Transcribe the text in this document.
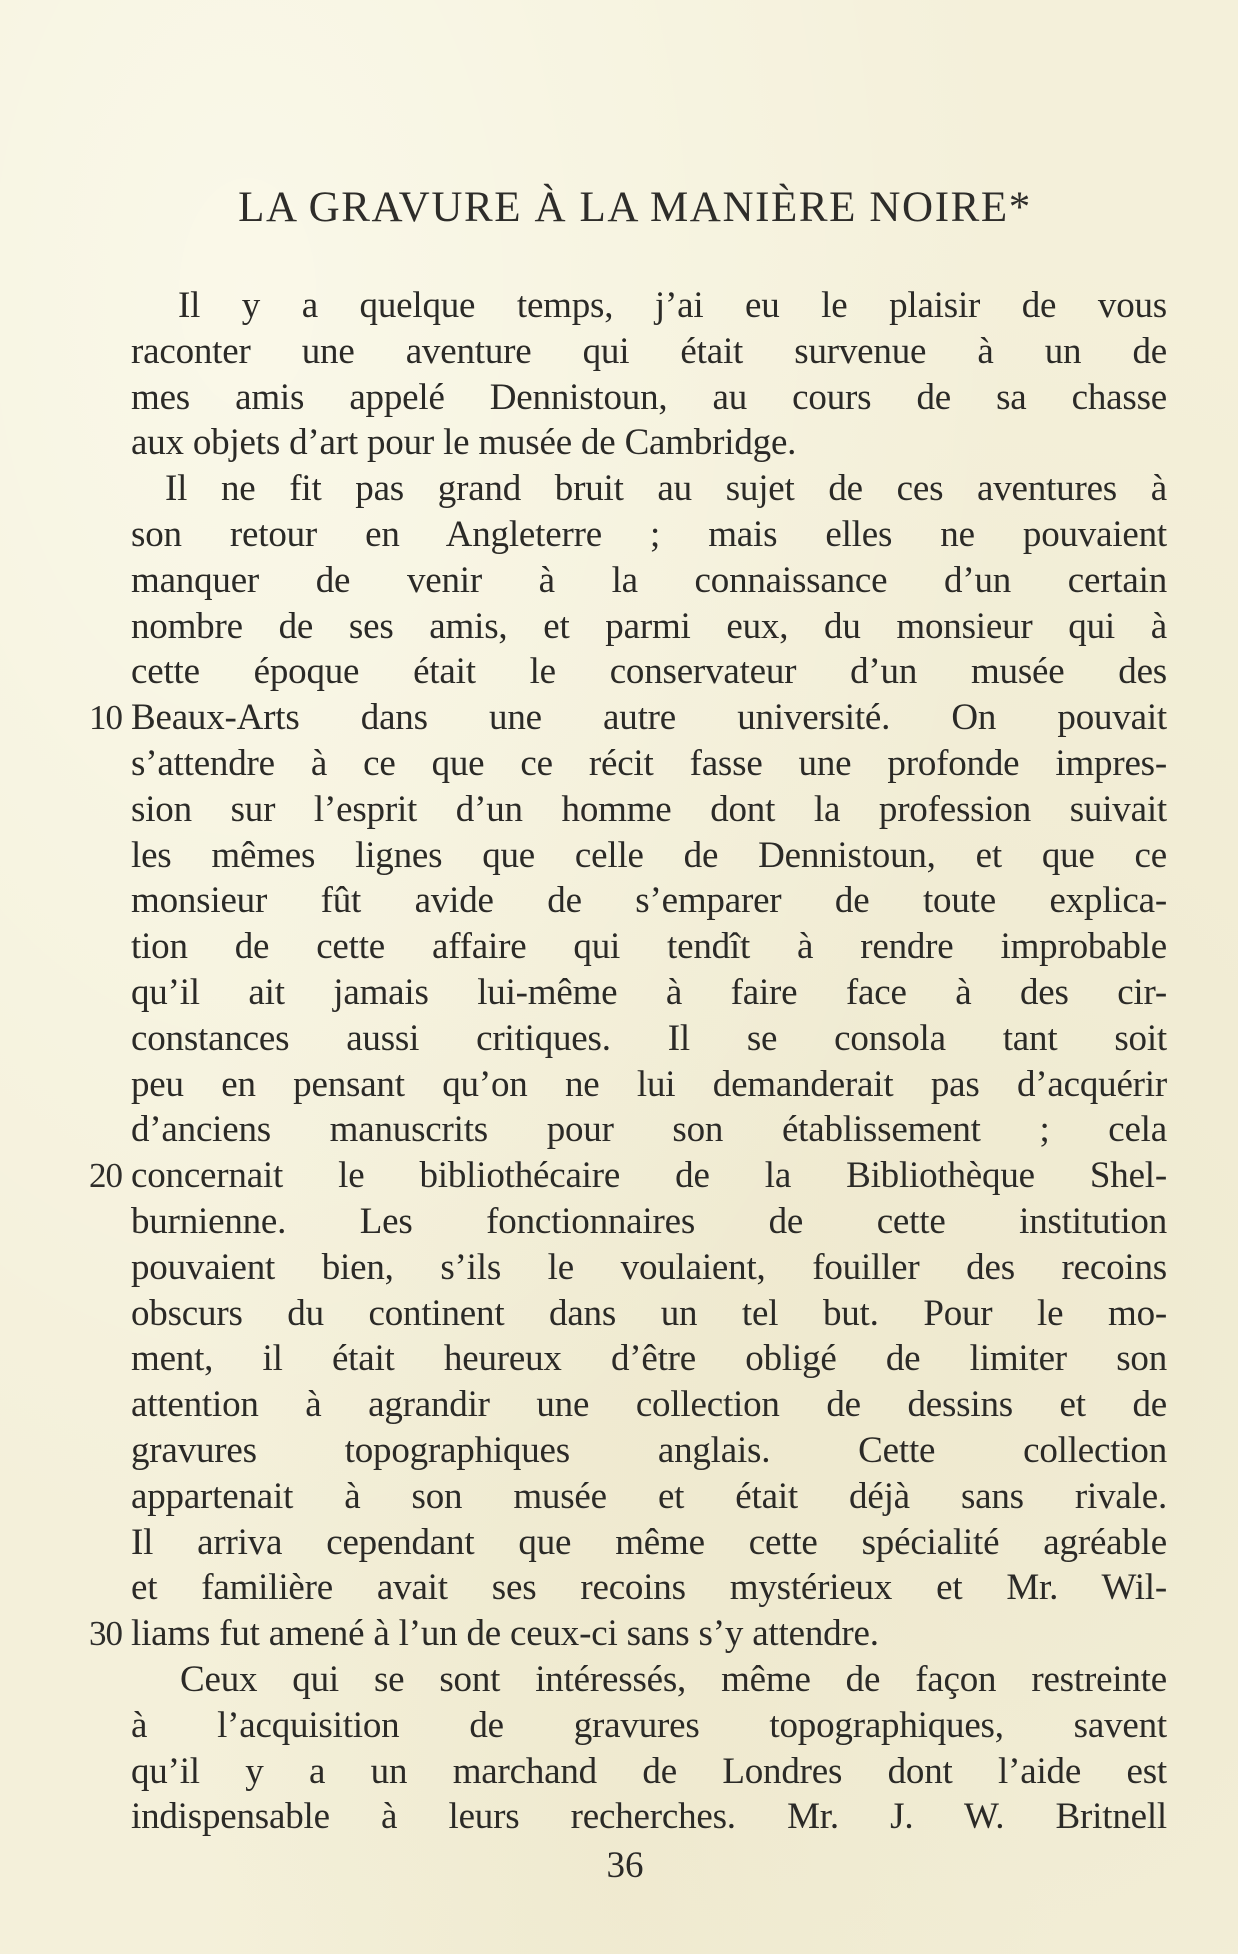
LA GRAVURE À LA MANIÈRE NOIRE*
Il y a quelque temps, j’ai eu le plaisir de vous
raconter une aventure qui était survenue à un de
mes amis appelé Dennistoun, au cours de sa chasse
aux objets d’art pour le musée de Cambridge.
Il ne fit pas grand bruit au sujet de ces aventures à
son retour en Angleterre ; mais elles ne pouvaient
manquer de venir à la connaissance d’un certain
nombre de ses amis, et parmi eux, du monsieur qui à
cette époque était le conservateur d’un musée des
10 Beaux-Arts dans une autre université. On pouvait
s’attendre à ce que ce récit fasse une profonde impres-
sion sur l’esprit d’un homme dont la profession suivait
les mêmes lignes que celle de Dennistoun, et que ce
monsieur fût avide de s’emparer de toute explica-
tion de cette affaire qui tendît à rendre improbable
qu’il ait jamais lui-même à faire face à des cir-
constances aussi critiques. Il se consola tant soit
peu en pensant qu’on ne lui demanderait pas d’acquérir
d’anciens manuscrits pour son établissement ; cela
20 concernait le bibliothécaire de la Bibliothèque Shel-
burnienne. Les fonctionnaires de cette institution
pouvaient bien, s’ils le voulaient, fouiller des recoins
obscurs du continent dans un tel but. Pour le mo-
ment, il était heureux d’être obligé de limiter son
attention à agrandir une collection de dessins et de
gravures topographiques anglais. Cette collection
appartenait à son musée et était déjà sans rivale.
Il arriva cependant que même cette spécialité agréable
et familière avait ses recoins mystérieux et Mr. Wil-
30 liams fut amené à l’un de ceux-ci sans s’y attendre.
Ceux qui se sont intéressés, même de façon restreinte
à l’acquisition de gravures topographiques, savent
qu’il y a un marchand de Londres dont l’aide est
indispensable à leurs recherches. Mr. J. W. Britnell
36
